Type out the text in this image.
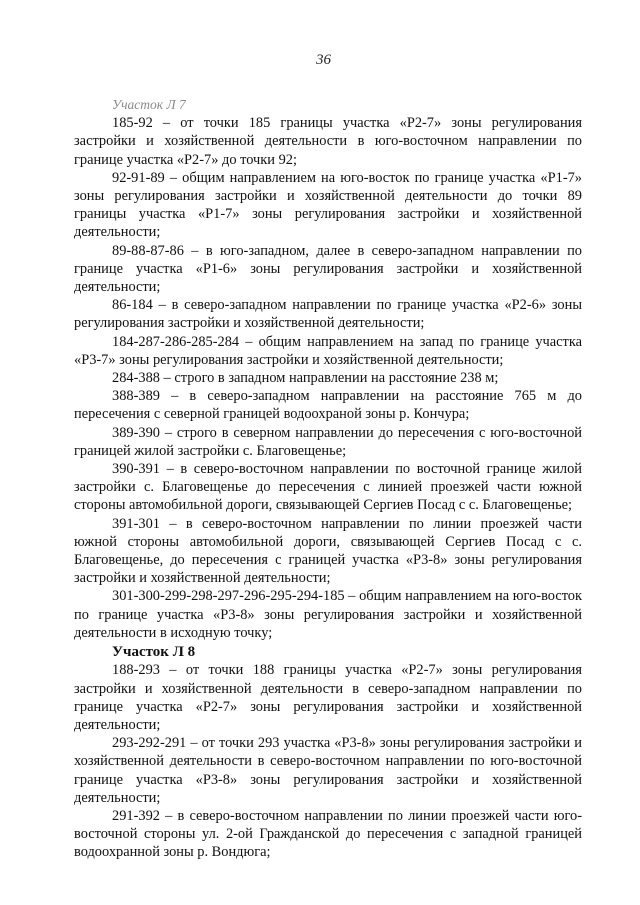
36

Участок Л 7

185-92 – от точки 185 границы участка «Р2-7» зоны регулирования застройки и хозяйственной деятельности в юго-восточном направлении по границе участка «Р2-7» до точки 92;

92-91-89 – общим направлением на юго-восток по границе участка «Р1-7» зоны регулирования застройки и хозяйственной деятельности до точки 89 границы участка «Р1-7» зоны регулирования застройки и хозяйственной деятельности;

89-88-87-86 – в юго-западном, далее в северо-западном направлении по границе участка «Р1-6» зоны регулирования застройки и хозяйственной деятельности;

86-184 – в северо-западном направлении по границе участка «Р2-6» зоны регулирования застройки и хозяйственной деятельности;

184-287-286-285-284 – общим направлением на запад по границе участка «Р3-7» зоны регулирования застройки и хозяйственной деятельности;

284-388 – строго в западном направлении на расстояние 238 м;

388-389 – в северо-западном направлении на расстояние 765 м до пересечения с северной границей водоохраной зоны р. Кончура;

389-390 – строго в северном направлении до пересечения с юго-восточной границей жилой застройки с. Благовещенье;

390-391 – в северо-восточном направлении по восточной границе жилой застройки с. Благовещенье до пересечения с линией проезжей части южной стороны автомобильной дороги, связывающей Сергиев Посад с с. Благовещенье;

391-301 – в северо-восточном направлении по линии проезжей части южной стороны автомобильной дороги, связывающей Сергиев Посад с с. Благовещенье, до пересечения с границей участка «Р3-8» зоны регулирования застройки и хозяйственной деятельности;

301-300-299-298-297-296-295-294-185 – общим направлением на юго-восток по границе участка «Р3-8» зоны регулирования застройки и хозяйственной деятельности в исходную точку;

Участок Л 8

188-293 – от точки 188 границы участка «Р2-7» зоны регулирования застройки и хозяйственной деятельности в северо-западном направлении по границе участка «Р2-7» зоны регулирования застройки и хозяйственной деятельности;

293-292-291 – от точки 293 участка «Р3-8» зоны регулирования застройки и хозяйственной деятельности в северо-восточном направлении по юго-восточной границе участка «Р3-8» зоны регулирования застройки и хозяйственной деятельности;

291-392 – в северо-восточном направлении по линии проезжей части юго-восточной стороны ул. 2-ой Гражданской до пересечения с западной границей водоохранной зоны р. Вондюга;
